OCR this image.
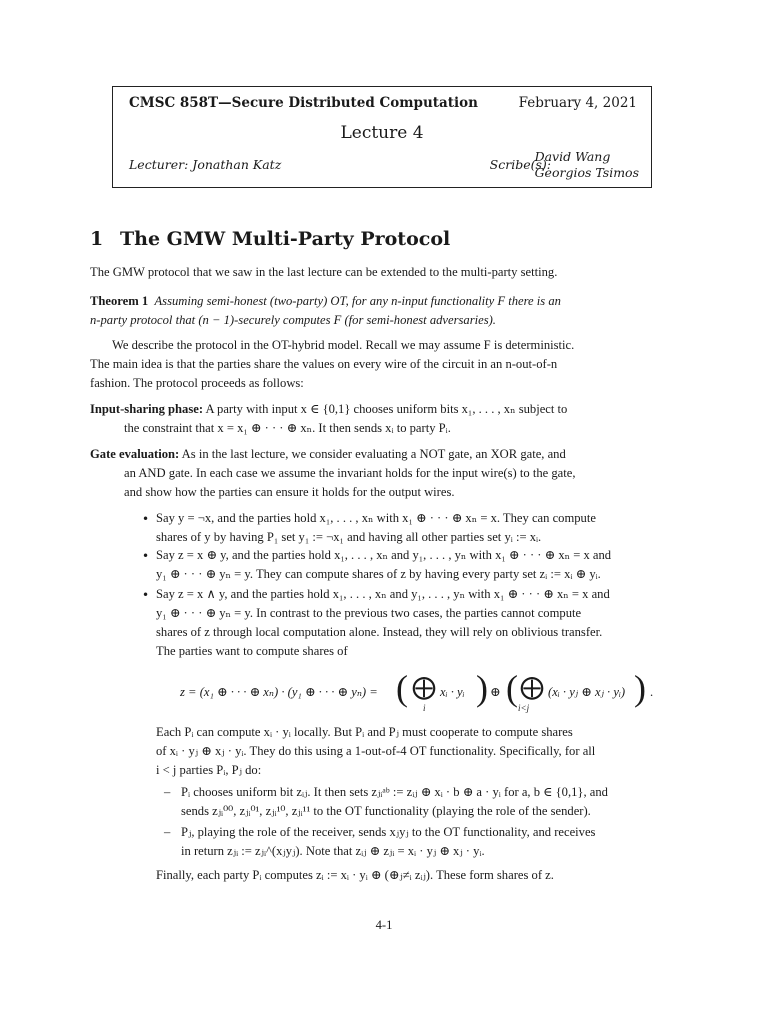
CMSC 858T—Secure Distributed Computation	February 4, 2021
Lecture 4
Lecturer: Jonathan Katz	Scribe(s):
David Wang
Georgios Tsimos
1 The GMW Multi-Party Protocol
The GMW protocol that we saw in the last lecture can be extended to the multi-party setting.
Theorem 1 Assuming semi-honest (two-party) OT, for any n-input functionality F there is an
n-party protocol that (n − 1)-securely computes F (for semi-honest adversaries).
We describe the protocol in the OT-hybrid model. Recall we may assume F is deterministic.
The main idea is that the parties share the values on every wire of the circuit in an n-out-of-n
fashion. The protocol proceeds as follows:
Input-sharing phase: A party with input x ∈ {0,1} chooses uniform bits x₁, . . . , xₙ subject to
the constraint that x = x₁ ⊕ · · · ⊕ xₙ. It then sends xᵢ to party Pᵢ.
Gate evaluation: As in the last lecture, we consider evaluating a NOT gate, an XOR gate, and
an AND gate. In each case we assume the invariant holds for the input wire(s) to the gate,
and show how the parties can ensure it holds for the output wires.
• Say y = ¬x, and the parties hold x₁, . . . , xₙ with x₁ ⊕ · · · ⊕ xₙ = x. They can compute
shares of y by having P₁ set y₁ := ¬x₁ and having all other parties set yᵢ := xᵢ.
• Say z = x ⊕ y, and the parties hold x₁, . . . , xₙ and y₁, . . . , yₙ with x₁ ⊕ · · · ⊕ xₙ = x and
y₁ ⊕ · · · ⊕ yₙ = y. They can compute shares of z by having every party set zᵢ := xᵢ ⊕ yᵢ.
• Say z = x ∧ y, and the parties hold x₁, . . . , xₙ and y₁, . . . , yₙ with x₁ ⊕ · · · ⊕ xₙ = x and
y₁ ⊕ · · · ⊕ yₙ = y. In contrast to the previous two cases, the parties cannot compute
shares of z through local computation alone. Instead, they will rely on oblivious transfer.
The parties want to compute shares of
z = (x₁ ⊕ · · · ⊕ xₙ) · (y₁ ⊕ · · · ⊕ yₙ) = ( ⨁
i
xᵢ · yᵢ ) ⊕ ( ⨁
i<j
(xᵢ · yⱼ ⊕ xⱼ · yᵢ) ) .
Each Pᵢ can compute xᵢ · yᵢ locally. But Pᵢ and Pⱼ must cooperate to compute shares
of xᵢ · yⱼ ⊕ xⱼ · yᵢ. They do this using a 1-out-of-4 OT functionality. Specifically, for all
i < j parties Pᵢ, Pⱼ do:
– Pᵢ chooses uniform bit zᵢⱼ. It then sets zⱼᵢᵃᵇ := zᵢⱼ ⊕ xᵢ · b ⊕ a · yᵢ for a, b ∈ {0,1}, and
sends zⱼᵢ⁰⁰, zⱼᵢ⁰¹, zⱼᵢ¹⁰, zⱼᵢ¹¹ to the OT functionality (playing the role of the sender).
– Pⱼ, playing the role of the receiver, sends xⱼyⱼ to the OT functionality, and receives
in return zⱼᵢ := zⱼᵢ^(xⱼyⱼ). Note that zᵢⱼ ⊕ zⱼᵢ = xᵢ · yⱼ ⊕ xⱼ · yᵢ.
Finally, each party Pᵢ computes zᵢ := xᵢ · yᵢ ⊕ (⊕ⱼ≠ᵢ zᵢⱼ). These form shares of z.
4-1
